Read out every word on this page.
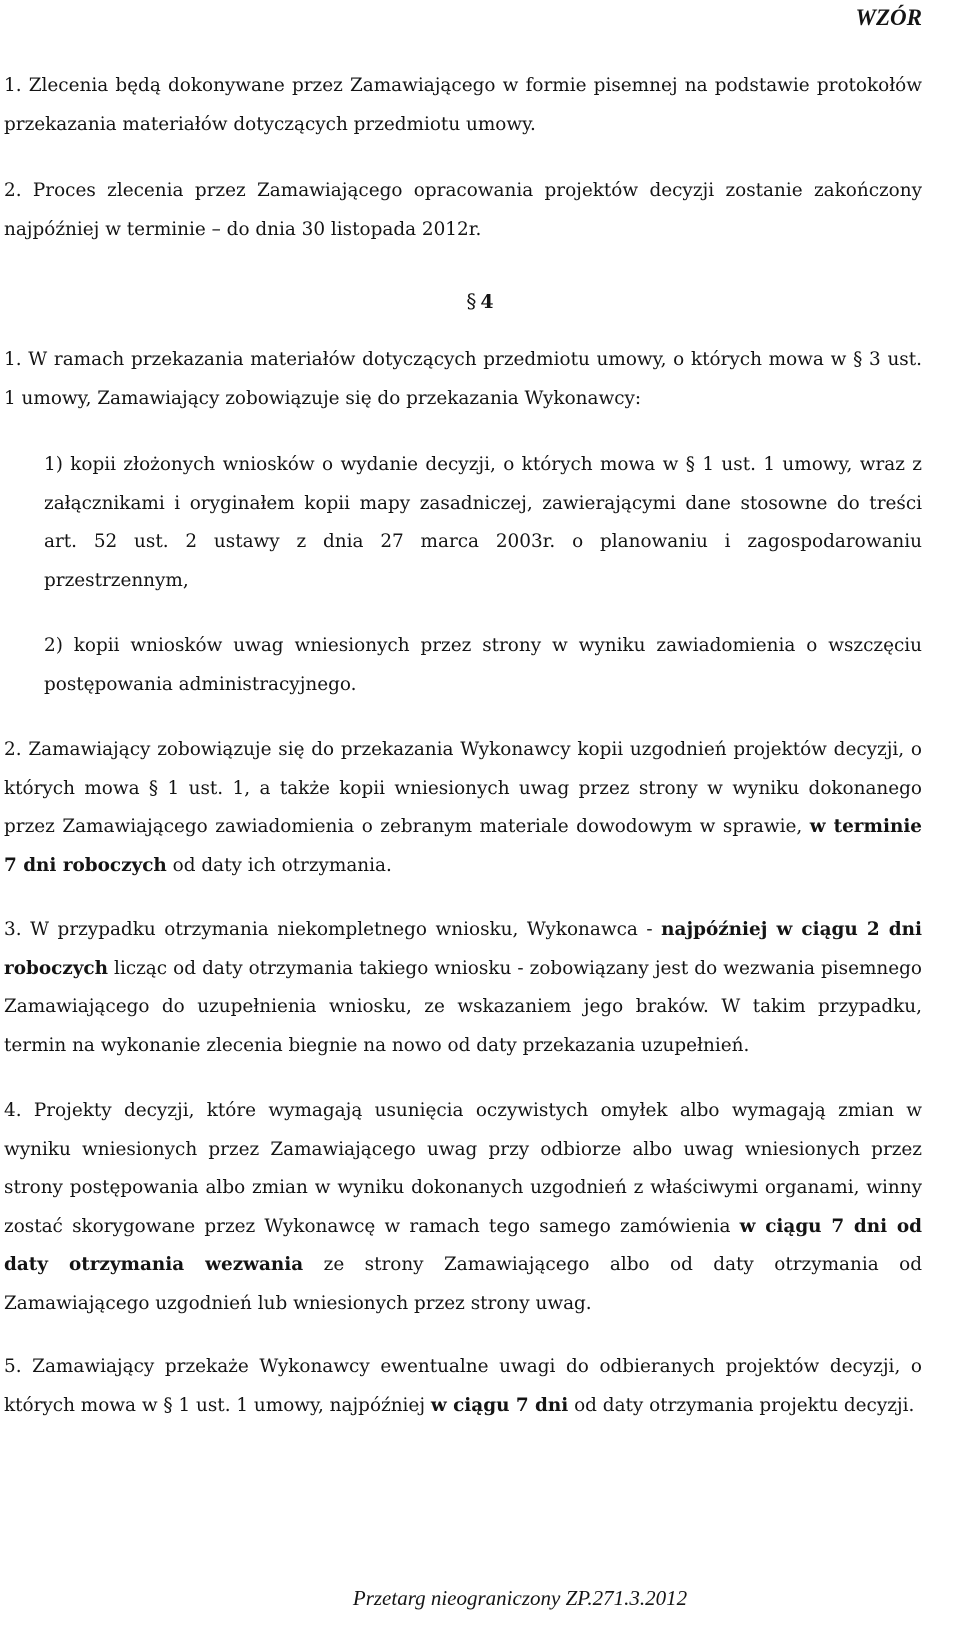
WZÓR

1. Zlecenia będą dokonywane przez Zamawiającego w formie pisemnej na podstawie protokołów przekazania materiałów dotyczących przedmiotu umowy.

2. Proces zlecenia przez Zamawiającego opracowania projektów decyzji zostanie zakończony najpóźniej w terminie – do dnia 30 listopada 2012r.

§ 4

1. W ramach przekazania materiałów dotyczących przedmiotu umowy, o których mowa w § 3 ust. 1 umowy, Zamawiający zobowiązuje się do przekazania Wykonawcy:

1) kopii złożonych wniosków o wydanie decyzji, o których mowa w § 1 ust. 1 umowy, wraz z załącznikami i oryginałem kopii mapy zasadniczej, zawierającymi dane stosowne do treści art. 52 ust. 2 ustawy z dnia 27 marca 2003r. o planowaniu i zagospodarowaniu przestrzennym,

2) kopii wniosków uwag wniesionych przez strony w wyniku zawiadomienia o wszczęciu postępowania administracyjnego.

2. Zamawiający zobowiązuje się do przekazania Wykonawcy kopii uzgodnień projektów decyzji, o których mowa § 1 ust. 1, a także kopii wniesionych uwag przez strony w wyniku dokonanego przez Zamawiającego zawiadomienia o zebranym materiale dowodowym w sprawie, w terminie 7 dni roboczych od daty ich otrzymania.

3. W przypadku otrzymania niekompletnego wniosku, Wykonawca - najpóźniej w ciągu 2 dni roboczych licząc od daty otrzymania takiego wniosku - zobowiązany jest do wezwania pisemnego Zamawiającego do uzupełnienia wniosku, ze wskazaniem jego braków. W takim przypadku, termin na wykonanie zlecenia biegnie na nowo od daty przekazania uzupełnień.

4. Projekty decyzji, które wymagają usunięcia oczywistych omyłek albo wymagają zmian w wyniku wniesionych przez Zamawiającego uwag przy odbiorze albo uwag wniesionych przez strony postępowania albo zmian w wyniku dokonanych uzgodnień z właściwymi organami, winny zostać skorygowane przez Wykonawcę w ramach tego samego zamówienia w ciągu 7 dni od daty otrzymania wezwania ze strony Zamawiającego albo od daty otrzymania od Zamawiającego uzgodnień lub wniesionych przez strony uwag.

5. Zamawiający przekaże Wykonawcy ewentualne uwagi do odbieranych projektów decyzji, o których mowa w § 1 ust. 1 umowy, najpóźniej w ciągu 7 dni od daty otrzymania projektu decyzji.

Przetarg nieograniczony ZP.271.3.2012
